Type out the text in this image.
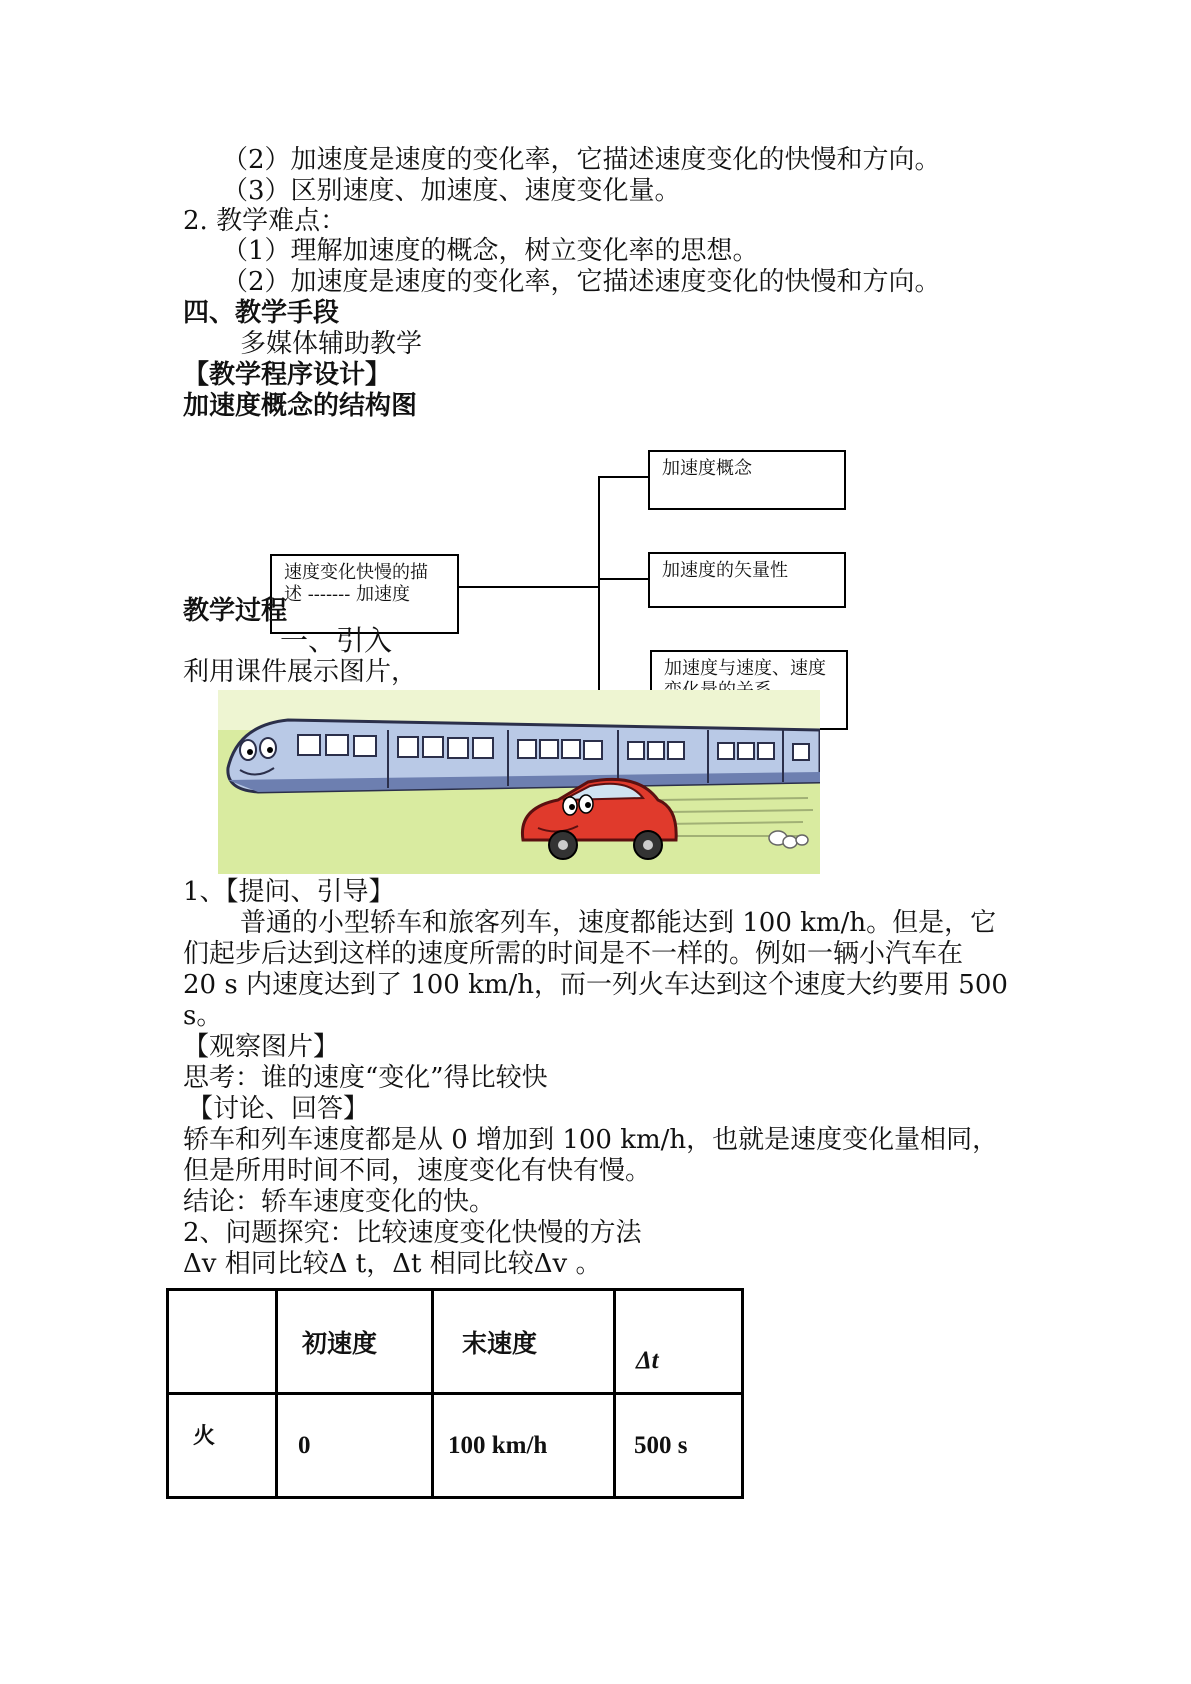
（2）加速度是速度的变化率，它描述速度变化的快慢和方向。
（3）区别速度、加速度、速度变化量。
2. 教学难点：
（1）理解加速度的概念，树立变化率的思想。
（2）加速度是速度的变化率，它描述速度变化的快慢和方向。
四、教学手段
多媒体辅助教学
【教学程序设计】
加速度概念的结构图
速度变化快慢的描述 ------- 加速度
加速度概念
加速度的矢量性
加速度与速度、速度
教学过程
一、引入
利用课件展示图片，
1、【提问、引导】
普通的小型轿车和旅客列车，速度都能达到 100 km/h。但是，它
们起步后达到这样的速度所需的时间是不一样的。例如一辆小汽车在
20 s 内速度达到了 100 km/h，而一列火车达到这个速度大约要用 500
s。
【观察图片】
思考：谁的速度“变化”得比较快
【讨论、回答】
轿车和列车速度都是从 0 增加到 100 km/h，也就是速度变化量相同，
但是所用时间不同，速度变化有快有慢。
结论：轿车速度变化的快。
2、问题探究：比较速度变化快慢的方法
Δv 相同比较Δ t，Δt 相同比较Δv 。
	初速度	末速度	Δt
火	0	100 km/h	500 s
